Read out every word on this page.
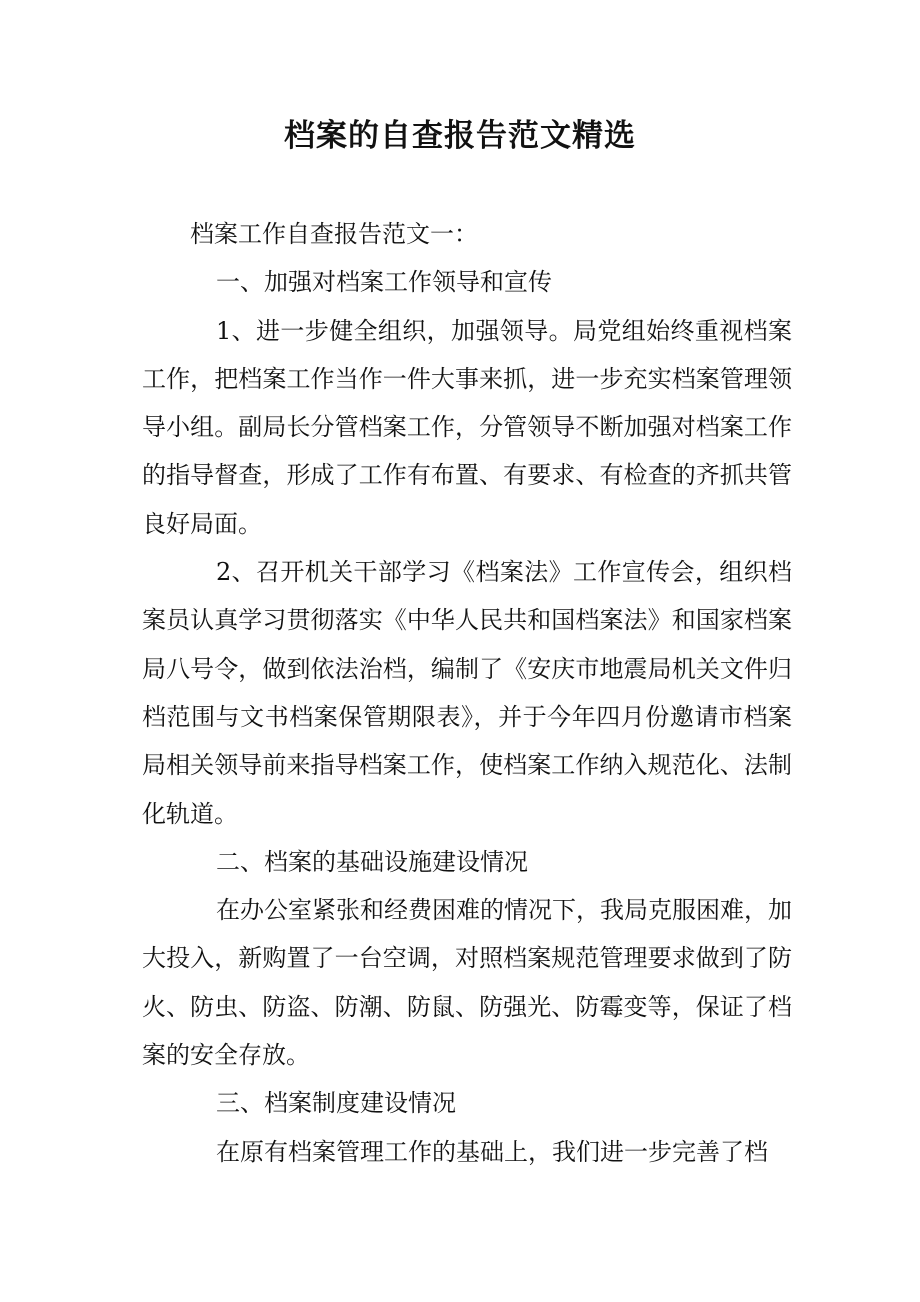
档案的自查报告范文精选

档案工作自查报告范文一：

一、加强对档案工作领导和宣传

1、进一步健全组织，加强领导。局党组始终重视档案工作，把档案工作当作一件大事来抓，进一步充实档案管理领导小组。副局长分管档案工作，分管领导不断加强对档案工作的指导督查，形成了工作有布置、有要求、有检查的齐抓共管良好局面。

2、召开机关干部学习《档案法》工作宣传会，组织档案员认真学习贯彻落实《中华人民共和国档案法》和国家档案局八号令，做到依法治档，编制了《安庆市地震局机关文件归档范围与文书档案保管期限表》，并于今年四月份邀请市档案局相关领导前来指导档案工作，使档案工作纳入规范化、法制化轨道。

二、档案的基础设施建设情况

在办公室紧张和经费困难的情况下，我局克服困难，加大投入，新购置了一台空调，对照档案规范管理要求做到了防火、防虫、防盗、防潮、防鼠、防强光、防霉变等，保证了档案的安全存放。

三、档案制度建设情况

在原有档案管理工作的基础上，我们进一步完善了档
